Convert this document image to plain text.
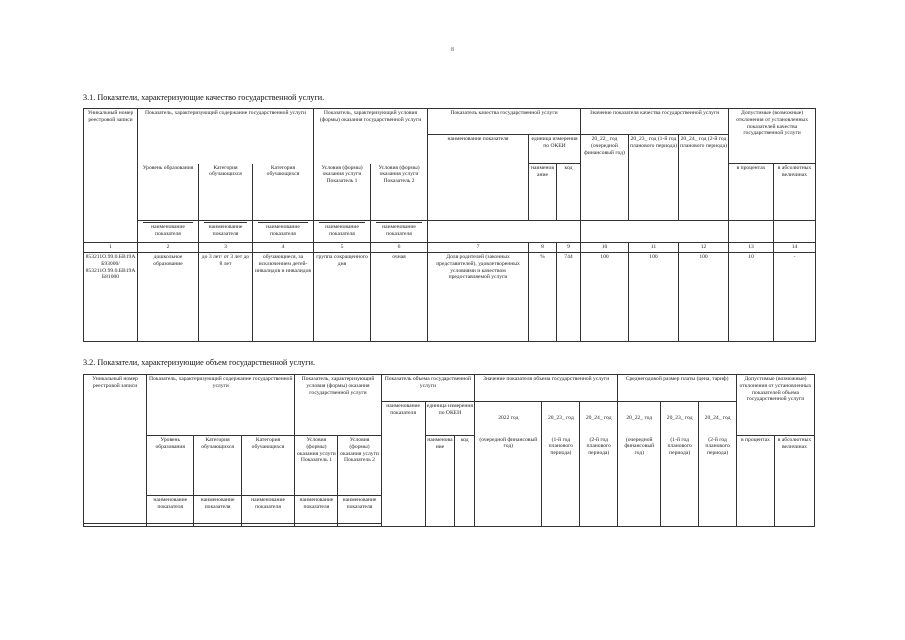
8
3.1. Показатели, характеризующие качество государственной услуги.
Уникальный номер реестровой записи	Показатель, характеризующий содержание государственной услуги			Показатель, характеризующий условия (формы) оказания государственной услуги		Показатель качества государственной услуги			Значение показателя качества государственной услуги			Допустимые (возможные) отклонения от установленных показателей качества государственной услуги	
						наименование показателя	единица измерения по ОКЕИ		20_22_ год (очередной финансовый год)	20_23_ год (1-й год планового периода)	20_24_ год (2-й год планового периода)		
	Уровень образования	Категория обучающихся	Категория обучающихся	Условия (формы) оказания услуги Показатель 1	Условия (формы) оказания услуги Показатель 2		наименование	код				в процентах	в абсолютных величинах

	наименование показателя	наименование показателя	наименование показателя	наименование показателя	наименование показателя								

1	2	3	4	5	6	7	8	9	10	11	12	13	14
853211О.99.0.БВ19АБ93000/ 853211О.99.0.БВ19АБ81000	дошкольное образование	до 3 лет/ от 3 лет до 8 лет	обучающиеся, за исключением детей-инвалидов и инвалидов	группа сокращенного дня	очная	Доля родителей (законных представителей), удовлетворенных условиями и качеством предоставляемой услуги	%	744	100	100	100	10	-
3.2. Показатели, характеризующие объем государственной услуги.
Уникальный номер реестровой записи	Показатель, характеризующий содержание государственной услуги			Показатель, характеризующий условия (формы) оказания государственной услуги		Показатель объема государственной услуги			Значение показателя объема государственной услуги			Среднегодовой размер платы (цена, тариф)			Допустимые (возможные) отклонения от установленных показателей объема государственной услуги	
						наименование показателя	единица измерения по ОКЕИ		2022 год	20_23_ год	20_24_ год	20_22_ год	20_23_ год	20_24_ год		
	Уровень образования	Категория обучающихся	Категория обучающихся	Условия (формы) оказания услуги Показатель 1	Условия (формы) оказания услуги Показатель 2		наименование	код	(очередной финансовый год)	(1-й год планового периода)	(2-й год планового периода)	(очередной финансовый год)	(1-й год планового периода)	(2-й год планового периода)	в процентах	в абсолютных величинах
	наименование показателя	наименование показателя	наименование показателя	наименование показателя	наименование показателя											
